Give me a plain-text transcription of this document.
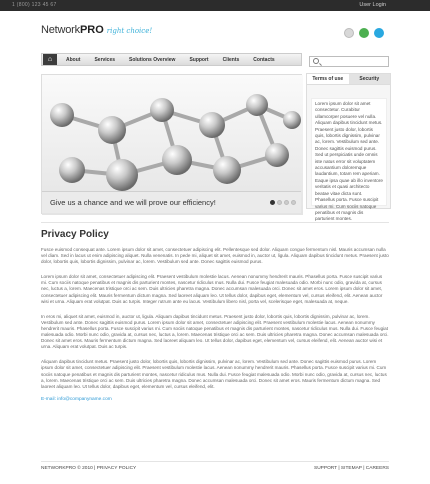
1 (800) 123 45 67	User Login
Network PRO right choice!
⌂	About	Services	Solutions Overview	Support	Clients	Contacts
Give us a chance and we will prove our efficiency!
Terms of use	Security

Lorem ipsum dolor sit amet consectetur. Curabitur ullamcorper posuere vel nulla. Aliquam dapibus tincidunt metus. Praesent justo dolor, lobortis quis, lobortis dignissim, pulvinar ac, lorem. Vestibulum sed ante. Donec sagittis euismod purus. Sed ut perspiciatis unde omnis iste natus error sit voluptatem accusantium doloremque laudantium, totam rem aperiam. Eaque ipsa quae ab illo inventore veritatis et quasi architecto beatae vitae dicta sunt. Phasellus porta. Fusce suscipit varius mi. Cum sociis natoque penatibus et magnis dis parturient montes.

Privacy Policy

Fusce euismod consequat ante. Lorem ipsum dolor sit amet, consectetuer adipiscing elit. Pellentesque sed dolor. Aliquam congue fermentum nisl. Mauris accumsan nulla vel diam. Sed in lacus ut enim adipiscing aliquet. Nulla venenatis. In pede mi, aliquet sit amet, euismod in, auctor ut, ligula. Aliquam dapibus tincidunt metus. Praesent justo dolor, lobortis quis, lobortis dignissim, pulvinar ac, lorem. Vestibulum sed ante. Donec sagittis euismod purus.

Lorem ipsum dolor sit amet, consectetuer adipiscing elit. Praesent vestibulum molestie lacus. Aenean nonummy hendrerit mauris. Phasellus porta. Fusce suscipit varius mi. Cum sociis natoque penatibus et magnis dis parturient montes, nascetur ridiculus mus. Nulla dui. Fusce feugiat malesuada odio. Morbi nunc odio, gravida at, cursus nec, luctus a, lorem. Maecenas tristique orci ac sem. Duis ultricies pharetra magna. Donec accumsan malesuada orci. Donec sit amet eros. Lorem ipsum dolor sit amet, consectetuer adipiscing elit. Mauris fermentum dictum magna. Sed laoreet aliquam leo. Ut tellus dolor, dapibus eget, elementum vel, cursus eleifend, elit. Aenean auctor wisi et urna. Aliquam erat volutpat. Duis ac turpis. Integer rutrum ante eu lacus. Vestibulum libero nisl, porta vel, scelerisque eget, malesuada at, neque.

In eros mi, aliquet sit amet, euismod in, auctor ut, ligula. Aliquam dapibus tincidunt metus. Praesent justo dolor, lobortis quis, lobortis dignissim, pulvinar ac, lorem. Vestibulum sed ante. Donec sagittis euismod purus. Lorem ipsum dolor sit amet, consectetuer adipiscing elit. Praesent vestibulum molestie lacus. Aenean nonummy hendrerit mauris. Phasellus porta. Fusce suscipit varius mi. Cum sociis natoque penatibus et magnis dis parturient montes, nascetur ridiculus mus. Nulla dui. Fusce feugiat malesuada odio. Morbi nunc odio, gravida at, cursus nec, luctus a, lorem. Maecenas tristique orci ac sem. Duis ultricies pharetra magna. Donec accumsan malesuada orci. Donec sit amet eros. Mauris fermentum dictum magna. Sed laoreet aliquam leo. Ut tellus dolor, dapibus eget, elementum vel, cursus eleifend, elit. Aenean auctor wisi et urna. Aliquam erat volutpat. Duis ac turpis.

Aliquam dapibus tincidunt metus. Praesent justo dolor, lobortis quis, lobortis dignissim, pulvinar ac, lorem. Vestibulum sed ante. Donec sagittis euismod purus. Lorem ipsum dolor sit amet, consectetuer adipiscing elit. Praesent vestibulum molestie lacus. Aenean nonummy hendrerit mauris. Phasellus porta. Fusce suscipit varius mi. Cum sociis natoque penatibus et magnis dis parturient montes, nascetur ridiculus mus. Nulla dui. Fusce feugiat malesuada odio. Morbi nunc odio, gravida at, cursus nec, luctus a, lorem. Maecenas tristique orci ac sem. Duis ultricies pharetra magna. Donec accumsan malesuada orci. Donec sit amet eros. Mauris fermentum dictum magna. Sed laoreet aliquam leo. Ut tellus dolor, dapibus eget, elementum vel, cursus eleifend, elit.

E-mail: info@companyname.com
NETWORKPRO © 2010 | PRIVACY POLICY	SUPPORT | SITEMAP | CAREERS
